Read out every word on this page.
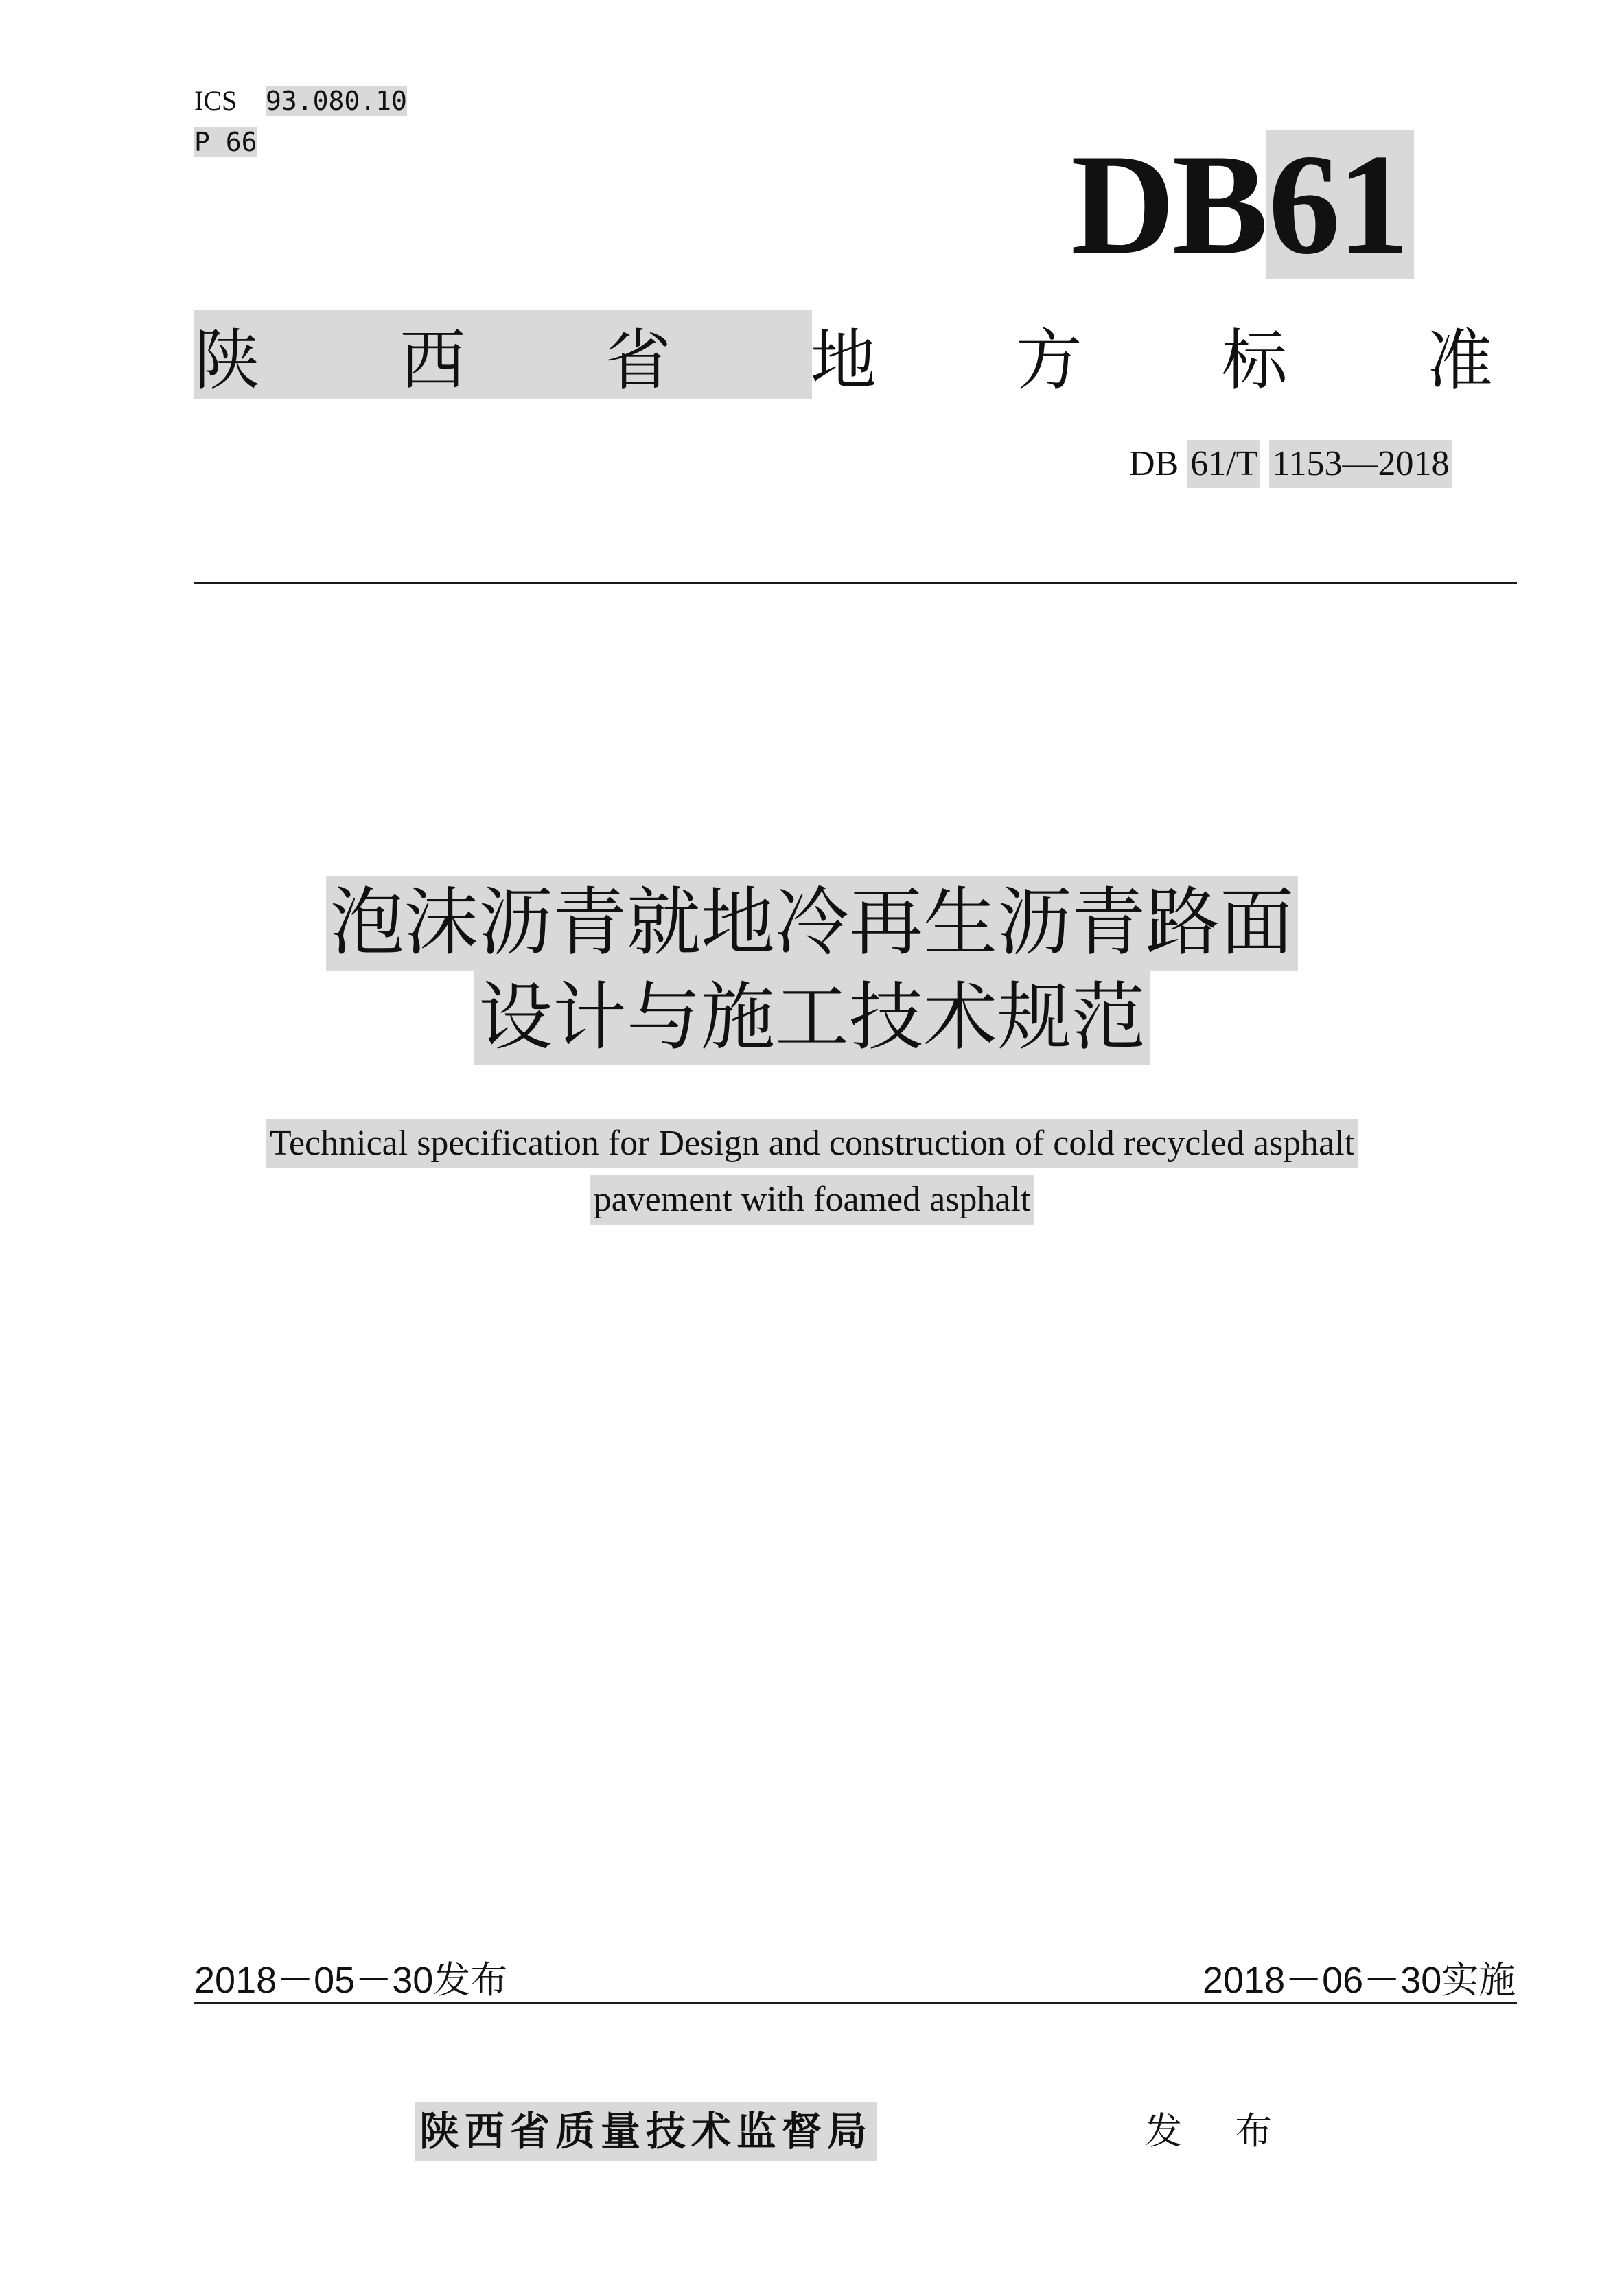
ICS 93.080.10
P 66	DB61
陕 西 省 地 方 标 准
DB 61/T 1153—2018
泡沫沥青就地冷再生沥青路面
设计与施工技术规范
Technical specification for Design and construction of cold recycled asphalt
pavement with foamed asphalt
2018－05－30发布	2018－06－30实施
陕西省质量技术监督局	发 布
